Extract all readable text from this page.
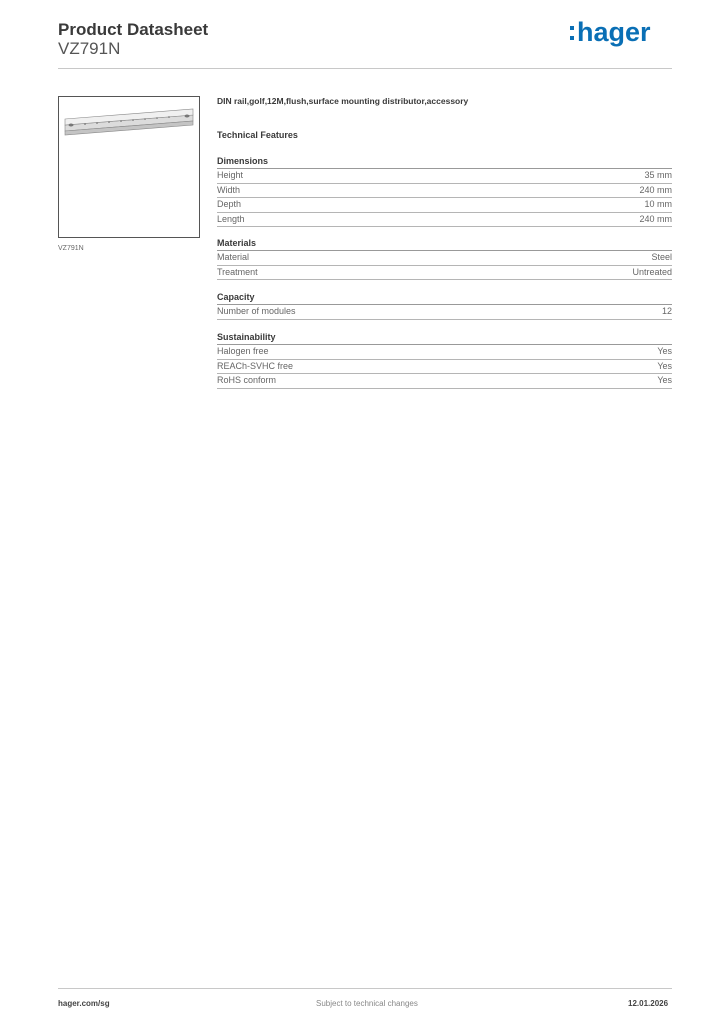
Product Datasheet
VZ791N
hager
VZ791N

DIN rail,golf,12M,flush,surface mounting distributor,accessory

Technical Features
Dimensions
Height	35 mm
Width	240 mm
Depth	10 mm
Length	240 mm
Materials
Material	Steel
Treatment	Untreated
Capacity
Number of modules	12
Sustainability
Halogen free	Yes
REACh-SVHC free	Yes
RoHS conform	Yes
hager.com/sg	Subject to technical changes	12.01.2026
